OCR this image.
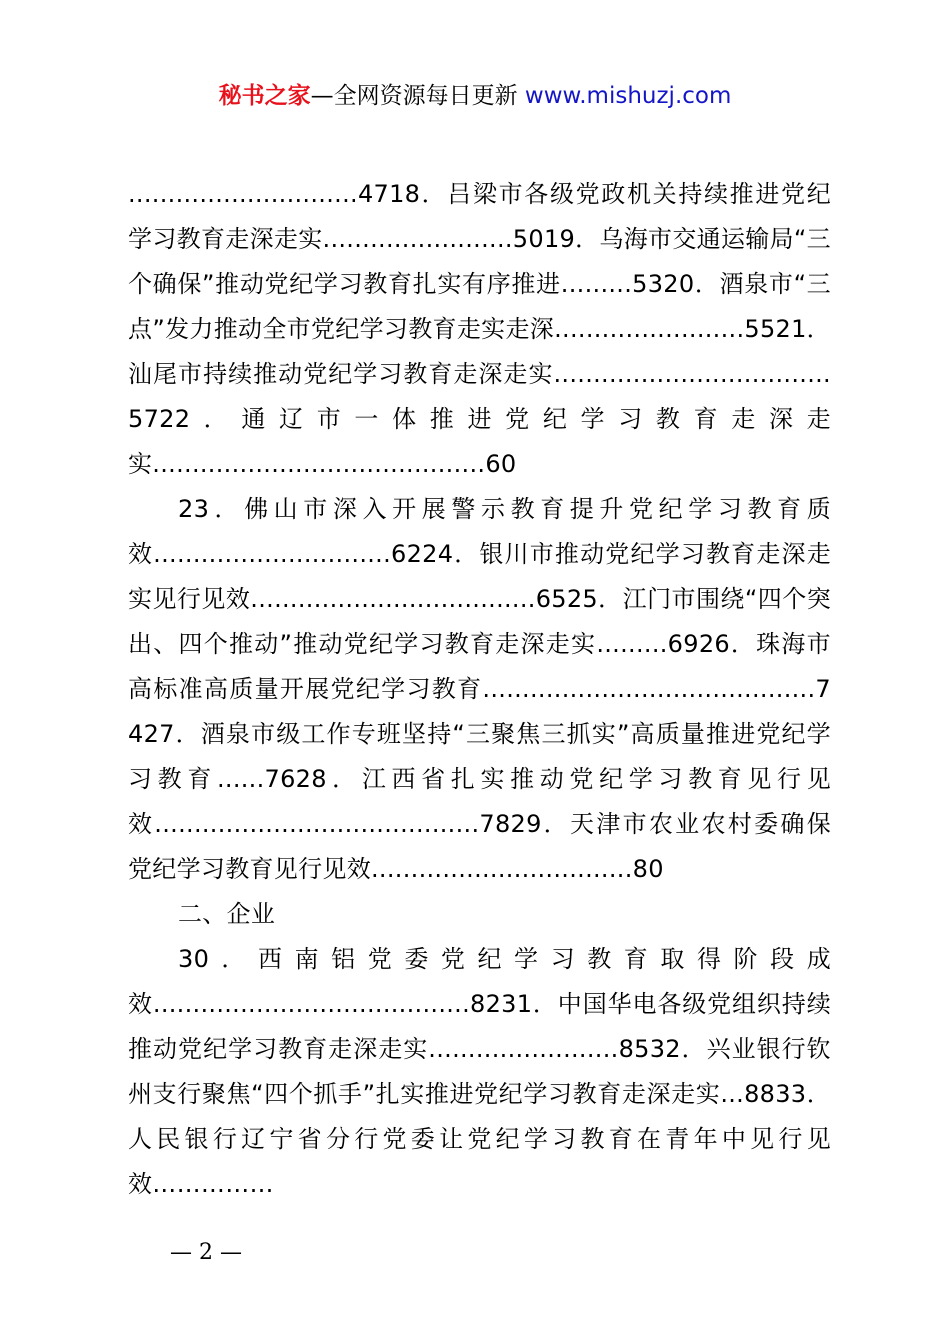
秘书之家—全网资源每日更新 www.mishuzj.com

.............................4718．吕梁市各级党政机关持续推进党纪学习教育走深走实........................5019．乌海市交通运输局“三个确保”推动党纪学习教育扎实有序推进.........5320．酒泉市“三点”发力推动全市党纪学习教育走实走深........................5521．汕尾市持续推动党纪学习教育走深走实...................................5722．通辽市一体推进党纪学习教育走深走实..........................................60

23．佛山市深入开展警示教育提升党纪学习教育质效..............................6224．银川市推动党纪学习教育走深走实见行见效....................................6525．江门市围绕“四个突出、四个推动”推动党纪学习教育走深走实.........6926．珠海市高标准高质量开展党纪学习教育..........................................7427．酒泉市级工作专班坚持“三聚焦三抓实”高质量推进党纪学习教育......7628．江西省扎实推动党纪学习教育见行见效.........................................7829．天津市农业农村委确保党纪学习教育见行见效.................................80

二、企业

30．西南铝党委党纪学习教育取得阶段成效........................................8231．中国华电各级党组织持续推动党纪学习教育走深走实........................8532．兴业银行钦州支行聚焦“四个抓手”扎实推进党纪学习教育走深走实...8833．人民银行辽宁省分行党委让党纪学习教育在青年中见行见效……………

— 2 —
